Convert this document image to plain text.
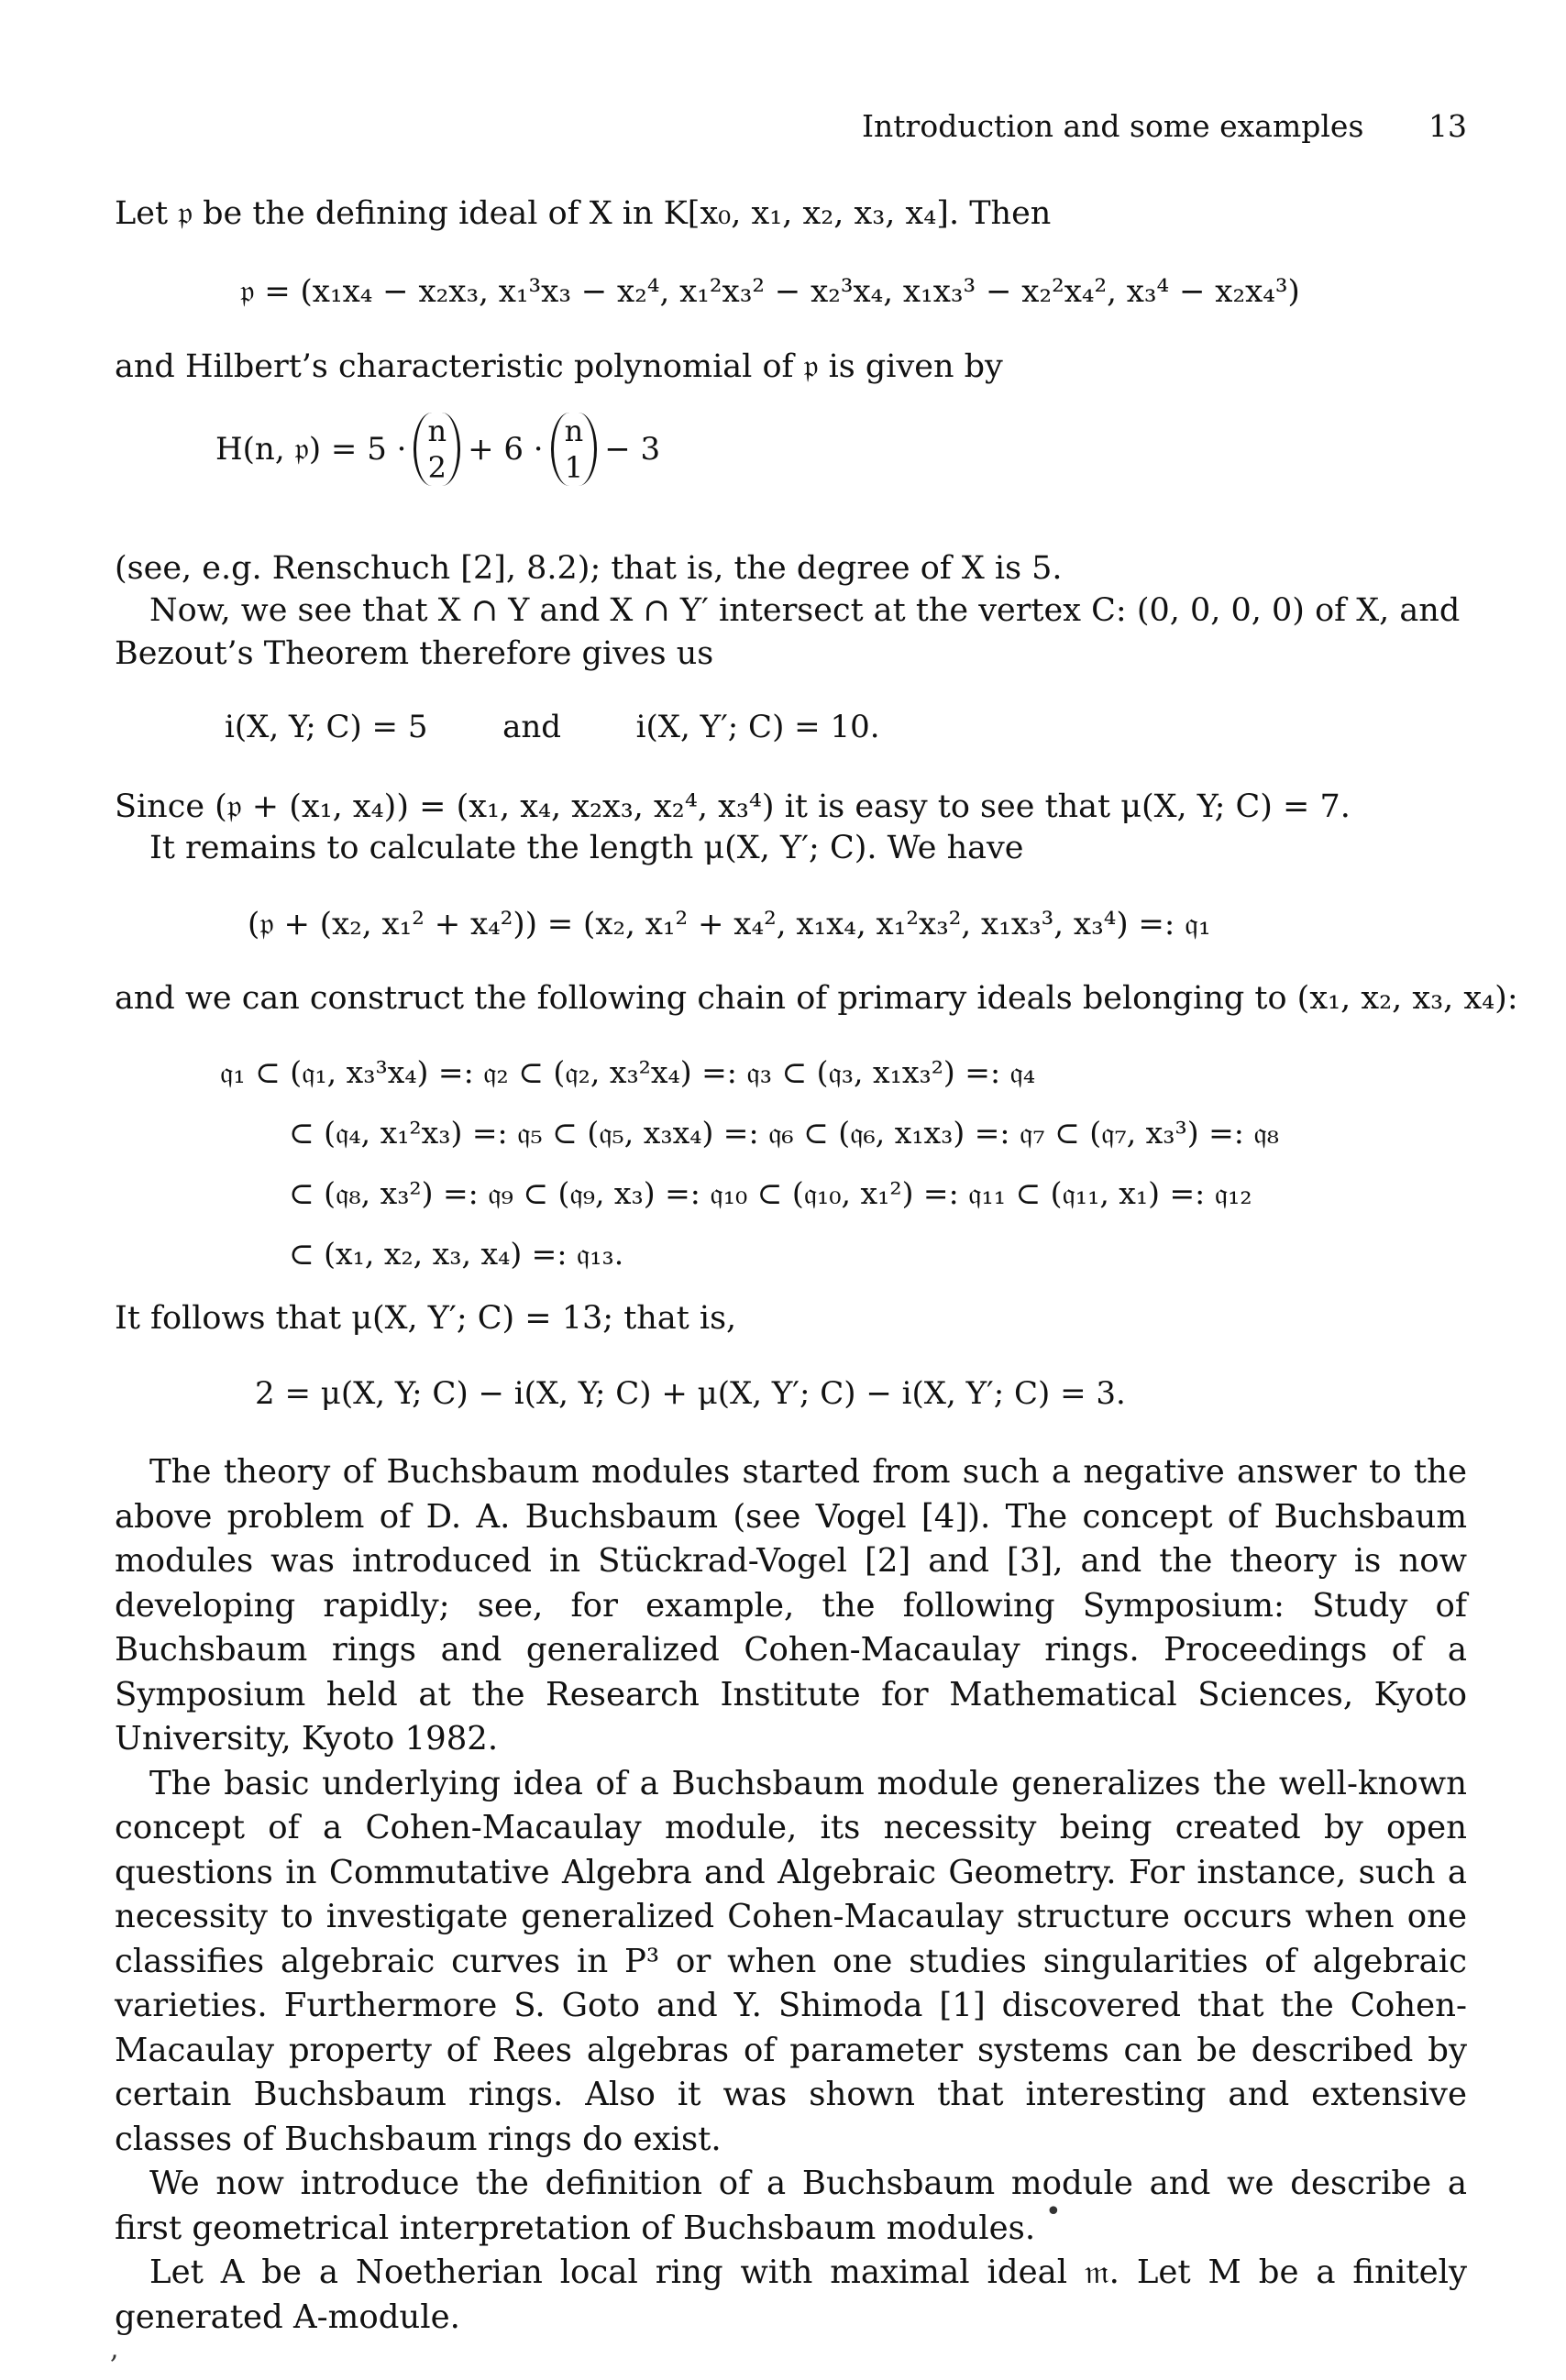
Introduction and some examples 13
Let 𝔭 be the defining ideal of X in K[x₀, x₁, x₂, x₃, x₄]. Then
𝔭 = (x₁x₄ − x₂x₃, x₁³x₃ − x₂⁴, x₁²x₃² − x₂³x₄, x₁x₃³ − x₂²x₄², x₃⁴ − x₂x₄³)
and Hilbert’s characteristic polynomial of 𝔭 is given by
H(n, 𝔭) = 5 · n
2 + 6 · n
1 − 3
(see, e.g. Renschuch [2], 8.2); that is, the degree of X is 5.
Now, we see that X ∩ Y and X ∩ Y′ intersect at the vertex C: (0, 0, 0, 0) of X, and
Bezout’s Theorem therefore gives us
i(X, Y; C) = 5 and i(X, Y′; C) = 10.
Since (𝔭 + (x₁, x₄)) = (x₁, x₄, x₂x₃, x₂⁴, x₃⁴) it is easy to see that μ(X, Y; C) = 7.
It remains to calculate the length μ(X, Y′; C). We have
(𝔭 + (x₂, x₁² + x₄²)) = (x₂, x₁² + x₄², x₁x₄, x₁²x₃², x₁x₃³, x₃⁴) =: 𝔮₁
and we can construct the following chain of primary ideals belonging to (x₁, x₂, x₃, x₄):
𝔮₁ ⊂ (𝔮₁, x₃³x₄) =: 𝔮₂ ⊂ (𝔮₂, x₃²x₄) =: 𝔮₃ ⊂ (𝔮₃, x₁x₃²) =: 𝔮₄
⊂ (𝔮₄, x₁²x₃) =: 𝔮₅ ⊂ (𝔮₅, x₃x₄) =: 𝔮₆ ⊂ (𝔮₆, x₁x₃) =: 𝔮₇ ⊂ (𝔮₇, x₃³) =: 𝔮₈
⊂ (𝔮₈, x₃²) =: 𝔮₉ ⊂ (𝔮₉, x₃) =: 𝔮₁₀ ⊂ (𝔮₁₀, x₁²) =: 𝔮₁₁ ⊂ (𝔮₁₁, x₁) =: 𝔮₁₂
⊂ (x₁, x₂, x₃, x₄) =: 𝔮₁₃.
It follows that μ(X, Y′; C) = 13; that is,
2 = μ(X, Y; C) − i(X, Y; C) + μ(X, Y′; C) − i(X, Y′; C) = 3.

The theory of Buchsbaum modules started from such a negative answer to the above problem of D. A. Buchsbaum (see Vogel [4]). The concept of Buchsbaum modules was introduced in Stückrad-Vogel [2] and [3], and the theory is now developing rapidly; see, for example, the following Symposium: Study of Buchsbaum rings and generalized Cohen-Macaulay rings. Proceedings of a Symposium held at the Research Institute for Mathematical Sciences, Kyoto University, Kyoto 1982.

The basic underlying idea of a Buchsbaum module generalizes the well-known concept of a Cohen-Macaulay module, its necessity being created by open questions in Commutative Algebra and Algebraic Geometry. For instance, such a necessity to investigate generalized Cohen-Macaulay structure occurs when one classifies algebraic curves in P³ or when one studies singularities of algebraic varieties. Furthermore S. Goto and Y. Shimoda [1] discovered that the Cohen-Macaulay property of Rees algebras of parameter systems can be described by certain Buchsbaum rings. Also it was shown that interesting and extensive classes of Buchsbaum rings do exist.

We now introduce the definition of a Buchsbaum module and we describe a first geometrical interpretation of Buchsbaum modules.

Let A be a Noetherian local ring with maximal ideal 𝔪. Let M be a finitely generated A-module.

•
,
